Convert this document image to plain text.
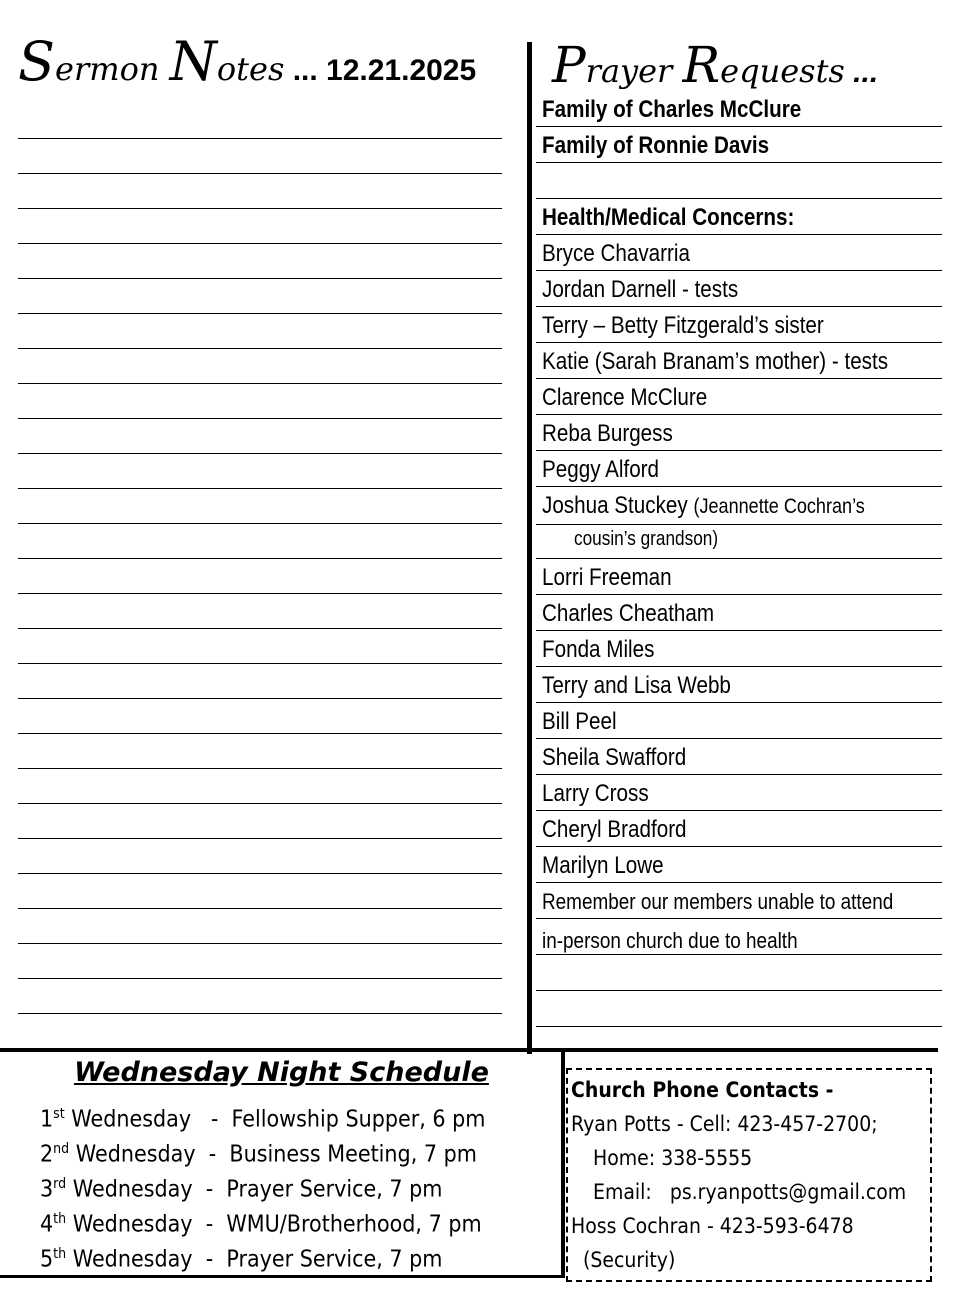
Sermon Notes ... 12.21.2025	Prayer Requests ...
Family of Charles McClure
Family of Ronnie Davis
Health/Medical Concerns:
Bryce Chavarria
Jordan Darnell - tests
Terry – Betty Fitzgerald’s sister
Katie (Sarah Branam’s mother) - tests
Clarence McClure
Reba Burgess
Peggy Alford
Joshua Stuckey (Jeannette Cochran’s
cousin’s grandson)
Lorri Freeman
Charles Cheatham
Fonda Miles
Terry and Lisa Webb
Bill Peel
Sheila Swafford
Larry Cross
Cheryl Bradford
Marilyn Lowe
Remember our members unable to attend
in-person church due to health
Wednesday Night Schedule
1st Wednesday   -  Fellowship Supper, 6 pm
2nd Wednesday  -  Business Meeting, 7 pm
3rd Wednesday  -  Prayer Service, 7 pm
4th Wednesday  -  WMU/Brotherhood, 7 pm
5th Wednesday  -  Prayer Service, 7 pm
Church Phone Contacts -
Ryan Potts - Cell: 423-457-2700;
Home: 338-5555
Email:   ps.ryanpotts@gmail.com
Hoss Cochran - 423-593-6478
(Security)
